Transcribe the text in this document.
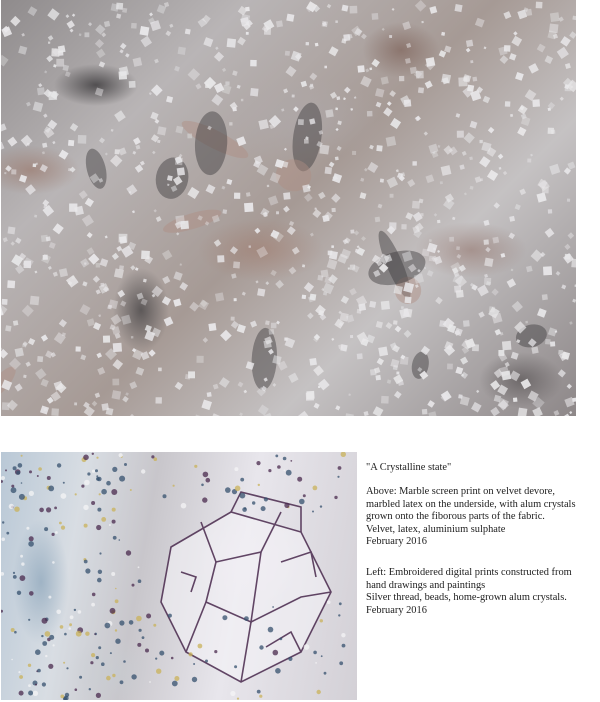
"A Crystalline state"

Above: Marble screen print on velvet devore,
marbled latex on the underside, with alum crystals
grown onto the fiborous parts of the fabric.
Velvet, latex, aluminium sulphate
February 2016

Left: Embroidered digital prints constructed from
hand drawings and paintings
Silver thread, beads, home-grown alum crystals.
February 2016
